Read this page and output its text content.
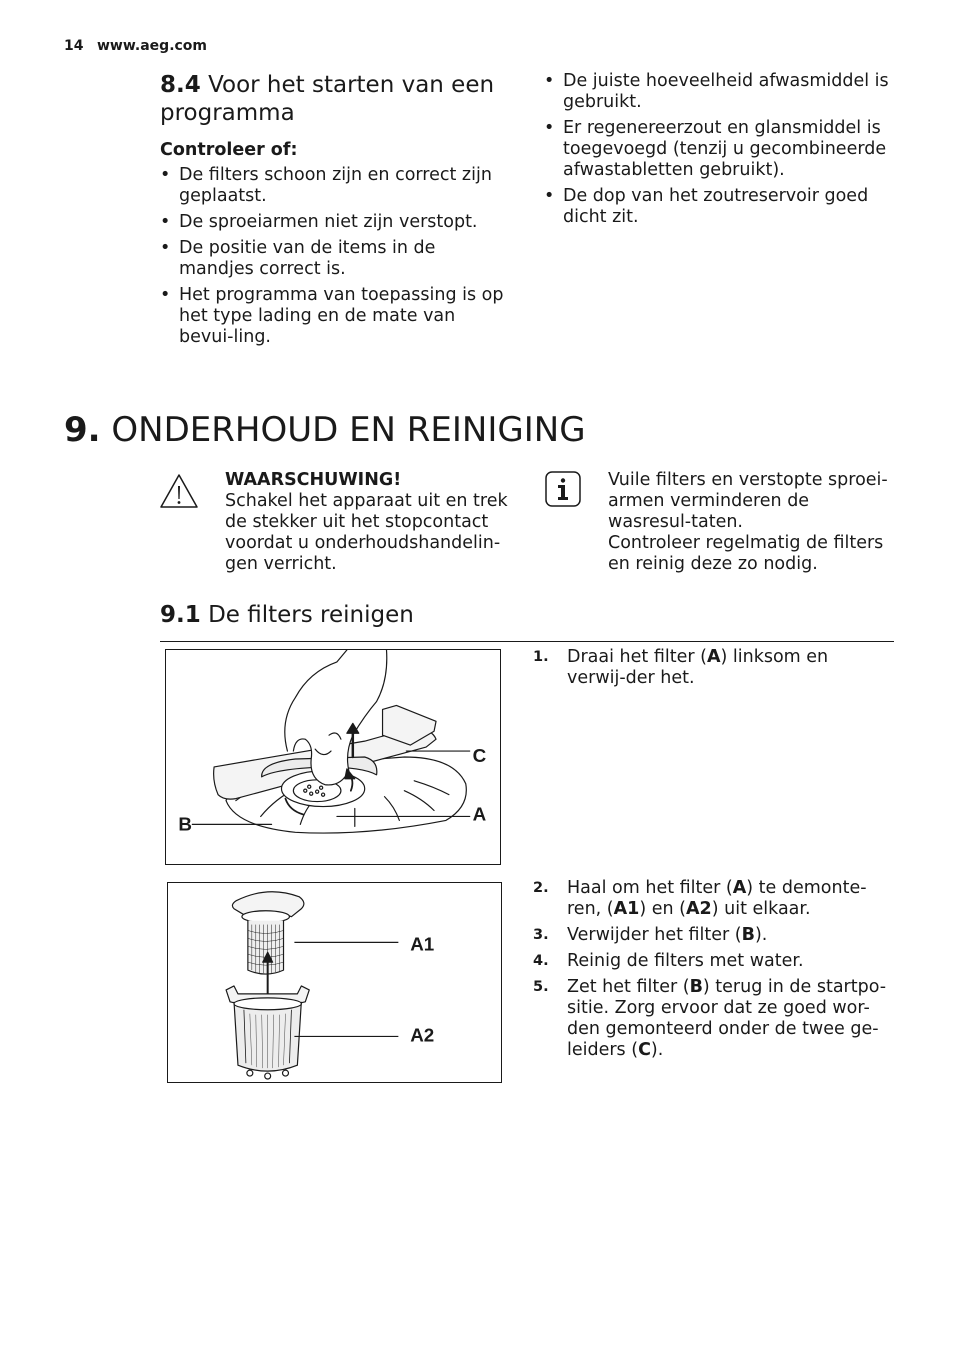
14 www.aeg.com
8.4 Voor het starten van een programma
Controleer of:
• De filters schoon zijn en correct zijn geplaatst.
• De sproeiarmen niet zijn verstopt.
• De positie van de items in de mandjes correct is.
• Het programma van toepassing is op het type lading en de mate van bevui-ling.
• De juiste hoeveelheid afwasmiddel is gebruikt.
• Er regenereerzout en glansmiddel is toegevoegd (tenzij u gecombineerde afwastabletten gebruikt).
• De dop van het zoutreservoir goed dicht zit.
9. ONDERHOUD EN REINIGING
WAARSCHUWING!
Schakel het apparaat uit en trek de stekker uit het stopcontact voordat u onderhoudshandelin-gen verricht.
Vuile filters en verstopte sproei-armen verminderen de wasresul-taten.
Controleer regelmatig de filters en reinig deze zo nodig.
9.1 De filters reinigen
C
A
B
1. Draai het filter (A) linksom en verwij-der het.
A1
A2
2. Haal om het filter (A) te demonte-ren, (A1) en (A2) uit elkaar.
3. Verwijder het filter (B).
4. Reinig de filters met water.
5. Zet het filter (B) terug in de startpo-sitie. Zorg ervoor dat ze goed wor-den gemonteerd onder de twee ge-leiders (C).
